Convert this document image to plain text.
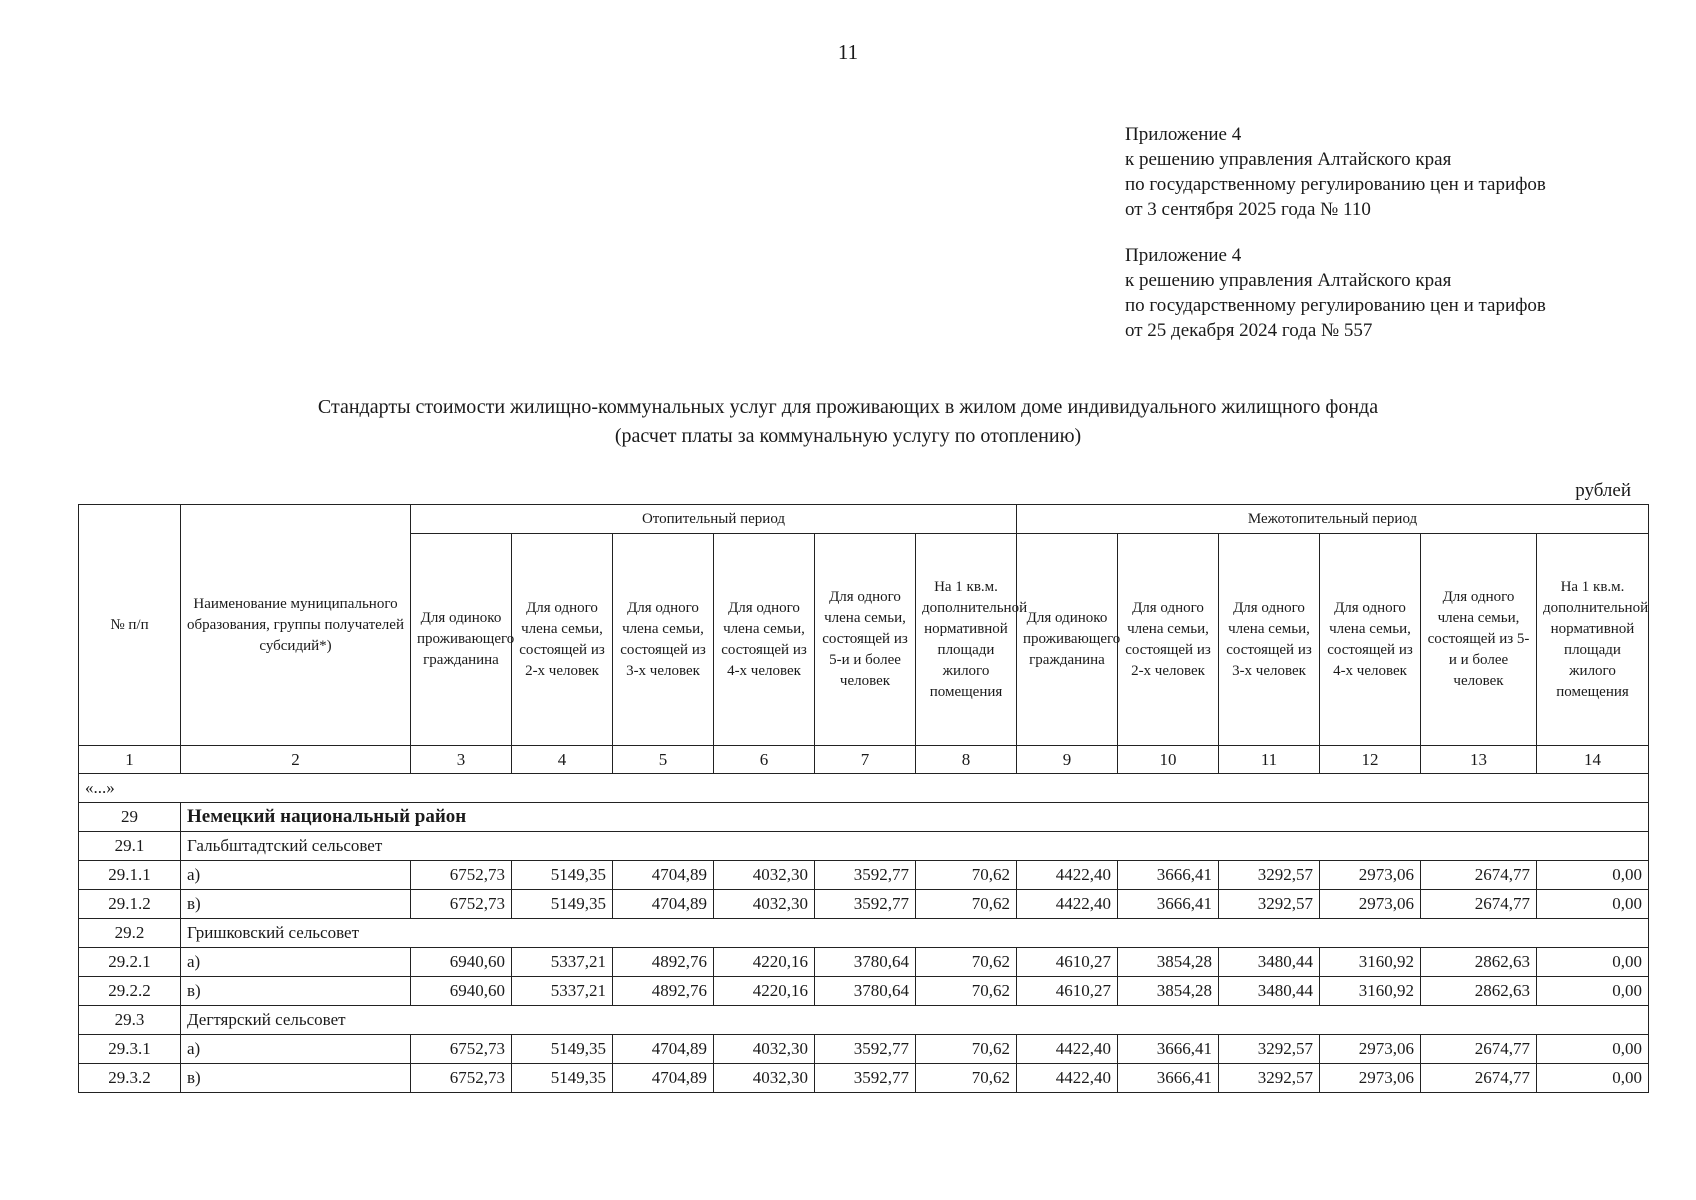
11
Приложение 4
к решению управления Алтайского края
по государственному регулированию цен и тарифов
от 3 сентября 2025 года № 110
Приложение 4
к решению управления Алтайского края
по государственному регулированию цен и тарифов
от 25 декабря 2024 года № 557
Стандарты стоимости жилищно-коммунальных услуг для проживающих в жилом доме индивидуального жилищного фонда
(расчет платы за коммунальную услугу по отоплению)
рублей
№ п/п	Наименование муниципального образования, группы получателей субсидий*)	Отопительный период						Межотопительный период					
		Для одиноко проживающего гражданина	Для одного члена семьи, состоящей из 2-х человек	Для одного члена семьи, состоящей из 3-х человек	Для одного члена семьи, состоящей из 4-х человек	Для одного члена семьи, состоящей из 5-и и более человек	На 1 кв.м. дополнительной нормативной площади жилого помещения	Для одиноко проживающего гражданина	Для одного члена семьи, состоящей из 2-х человек	Для одного члена семьи, состоящей из 3-х человек	Для одного члена семьи, состоящей из 4-х человек	Для одного члена семьи, состоящей из 5-и и более человек	На 1 кв.м. дополнительной нормативной площади жилого помещения
1	2	3	4	5	6	7	8	9	10	11	12	13	14
«...»													
29	Немецкий национальный район												
29.1	Гальбштадтский сельсовет												
29.1.1	а)	6752,73	5149,35	4704,89	4032,30	3592,77	70,62	4422,40	3666,41	3292,57	2973,06	2674,77	0,00
29.1.2	в)	6752,73	5149,35	4704,89	4032,30	3592,77	70,62	4422,40	3666,41	3292,57	2973,06	2674,77	0,00
29.2	Гришковский сельсовет												
29.2.1	а)	6940,60	5337,21	4892,76	4220,16	3780,64	70,62	4610,27	3854,28	3480,44	3160,92	2862,63	0,00
29.2.2	в)	6940,60	5337,21	4892,76	4220,16	3780,64	70,62	4610,27	3854,28	3480,44	3160,92	2862,63	0,00
29.3	Дегтярский сельсовет												
29.3.1	а)	6752,73	5149,35	4704,89	4032,30	3592,77	70,62	4422,40	3666,41	3292,57	2973,06	2674,77	0,00
29.3.2	в)	6752,73	5149,35	4704,89	4032,30	3592,77	70,62	4422,40	3666,41	3292,57	2973,06	2674,77	0,00
